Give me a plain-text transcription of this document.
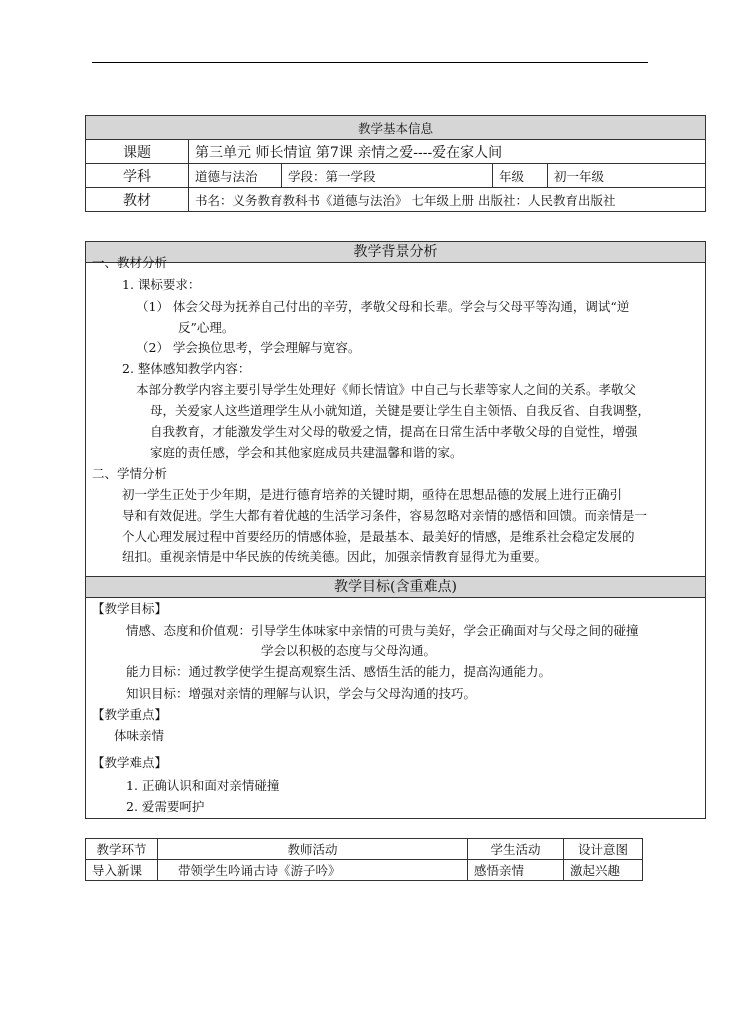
教学基本信息				
课题	第三单元 师长情谊 第7课 亲情之爱----爱在家人间			
学科	道德与法治	学段：第一学段	年级	初一年级
教材	书名：义务教育教科书《道德与法治》 七年级上册 出版社：人民教育出版社			
教学背景分析
一、教材分析
1. 课标要求：
（1） 体会父母为抚养自己付出的辛劳，孝敬父母和长辈。学会与父母平等沟通，调试“逆
反”心理。
（2） 学会换位思考，学会理解与宽容。
2. 整体感知教学内容：
本部分教学内容主要引导学生处理好《师长情谊》中自己与长辈等家人之间的关系。孝敬父
母，关爱家人这些道理学生从小就知道，关键是要让学生自主领悟、自我反省、自我调整，
自我教育，才能激发学生对父母的敬爱之情，提高在日常生活中孝敬父母的自觉性，增强
家庭的责任感，学会和其他家庭成员共建温馨和谐的家。
二、学情分析
初一学生正处于少年期，是进行德育培养的关键时期，亟待在思想品德的发展上进行正确引
导和有效促进。学生大都有着优越的生活学习条件，容易忽略对亲情的感悟和回馈。而亲情是一
个人心理发展过程中首要经历的情感体验，是最基本、最美好的情感，是维系社会稳定发展的
纽扣。重视亲情是中华民族的传统美德。因此，加强亲情教育显得尤为重要。
教学目标(含重难点)
【教学目标】
情感、态度和价值观：引导学生体味家中亲情的可贵与美好，学会正确面对与父母之间的碰撞
学会以积极的态度与父母沟通。
能力目标：通过教学使学生提高观察生活、感悟生活的能力，提高沟通能力。
知识目标：增强对亲情的理解与认识，学会与父母沟通的技巧。
【教学重点】
体味亲情
【教学难点】
1. 正确认识和面对亲情碰撞
2. 爱需要呵护
教学环节	教师活动	学生活动	设计意图
导入新课	带领学生吟诵古诗《游子吟》	感悟亲情	激起兴趣
